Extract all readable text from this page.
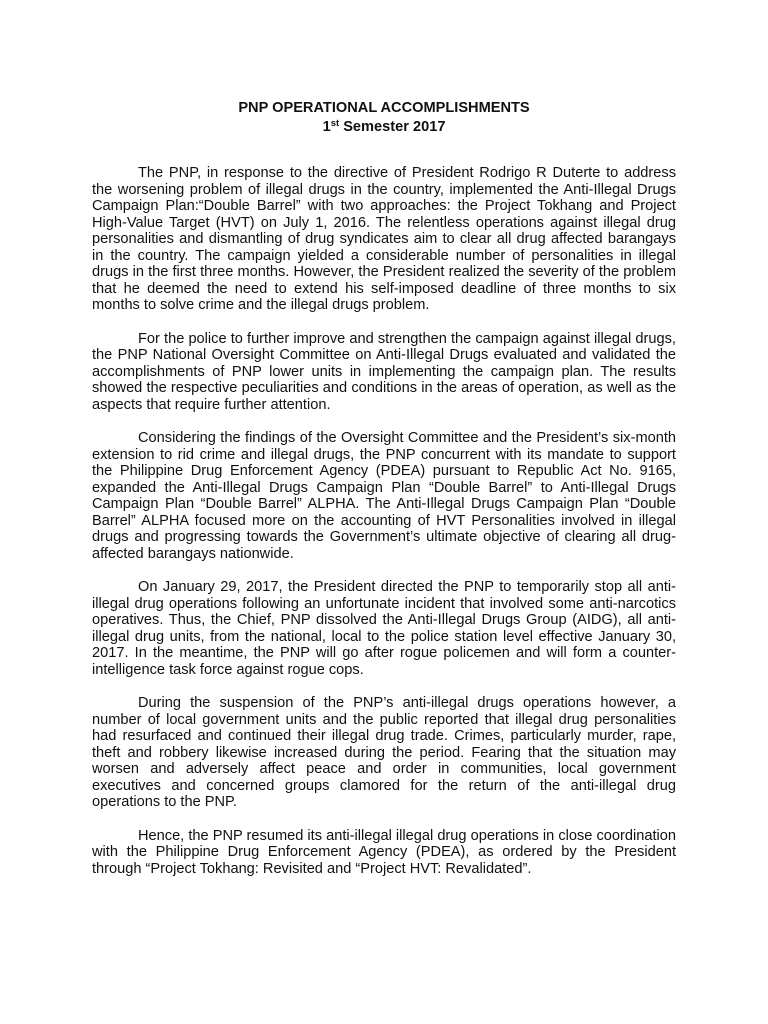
PNP OPERATIONAL ACCOMPLISHMENTS
1st Semester 2017

The PNP, in response to the directive of President Rodrigo R Duterte to address the worsening problem of illegal drugs in the country, implemented the Anti-Illegal Drugs Campaign Plan:“Double Barrel” with two approaches: the Project Tokhang and Project High-Value Target (HVT) on July 1, 2016. The relentless operations against illegal drug personalities and dismantling of drug syndicates aim to clear all drug affected barangays in the country. The campaign yielded a considerable number of personalities in illegal drugs in the first three months. However, the President realized the severity of the problem that he deemed the need to extend his self-imposed deadline of three months to six months to solve crime and the illegal drugs problem.

For the police to further improve and strengthen the campaign against illegal drugs, the PNP National Oversight Committee on Anti-Illegal Drugs evaluated and validated the accomplishments of PNP lower units in implementing the campaign plan. The results showed the respective peculiarities and conditions in the areas of operation, as well as the aspects that require further attention.

Considering the findings of the Oversight Committee and the President’s six-month extension to rid crime and illegal drugs, the PNP concurrent with its mandate to support the Philippine Drug Enforcement Agency (PDEA) pursuant to Republic Act No. 9165, expanded the Anti-Illegal Drugs Campaign Plan “Double Barrel” to Anti-Illegal Drugs Campaign Plan “Double Barrel” ALPHA. The Anti-Illegal Drugs Campaign Plan “Double Barrel” ALPHA focused more on the accounting of HVT Personalities involved in illegal drugs and progressing towards the Government’s ultimate objective of clearing all drug-affected barangays nationwide.

On January 29, 2017, the President directed the PNP to temporarily stop all anti-illegal drug operations following an unfortunate incident that involved some anti-narcotics operatives. Thus, the Chief, PNP dissolved the Anti-Illegal Drugs Group (AIDG), all anti-illegal drug units, from the national, local to the police station level effective January 30, 2017. In the meantime, the PNP will go after rogue policemen and will form a counter-intelligence task force against rogue cops.

During the suspension of the PNP’s anti-illegal drugs operations however, a number of local government units and the public reported that illegal drug personalities had resurfaced and continued their illegal drug trade. Crimes, particularly murder, rape, theft and robbery likewise increased during the period. Fearing that the situation may worsen and adversely affect peace and order in communities, local government executives and concerned groups clamored for the return of the anti-illegal drug operations to the PNP.

Hence, the PNP resumed its anti-illegal illegal drug operations in close coordination with the Philippine Drug Enforcement Agency (PDEA), as ordered by the President through “Project Tokhang: Revisited and “Project HVT: Revalidated”.
